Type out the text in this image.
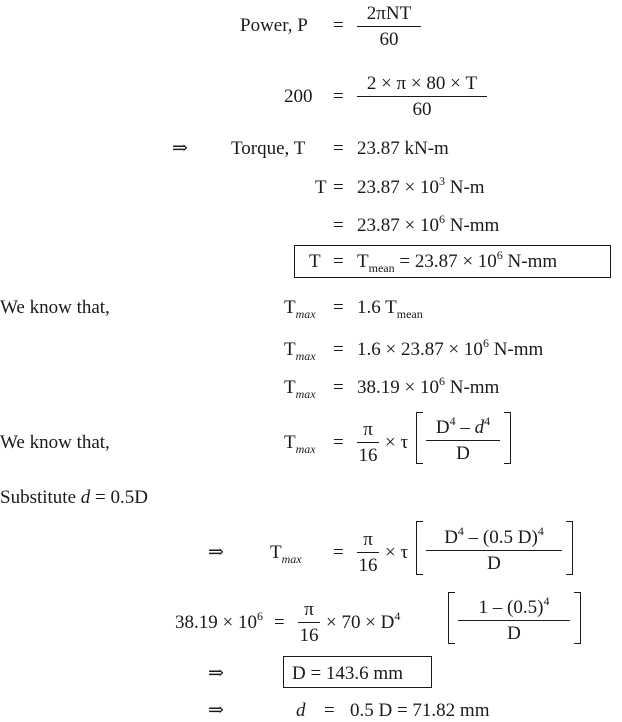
Power, P =
2πNT
60
200 =
2 × π × 80 × T
60
⇒ Torque, T = 23.87 kN-m
$T = 23.87 \times 10^3$ N-m
= $23.87 \times 10^6$ N-mm
$T = T_{mean} = 23.87 \times 10^6$ N-mm
We know that,	$T_{max} = 1.6$ $T_{mean}$
$T_{max} = 1.6 \times 23.87 \times 10^6$ N-mm
$T_{max} = 38.19 \times 10^6$ N-mm
We know that,	$T_{max}$ =
π
16
× τ
$D^4 - d^4$
D
Substitute d = 0.5D
⇒ $T_{max}$ =
π
16
× τ
$D^4 - (0.5$ D)$^4$
D
$38.19 \times 10^6$ =
π
16
× $70 \times D^4$	$1 - (0.5)^4$
D
⇒	D = 143.6 mm
⇒	d = 0.5 D = 71.82 mm
